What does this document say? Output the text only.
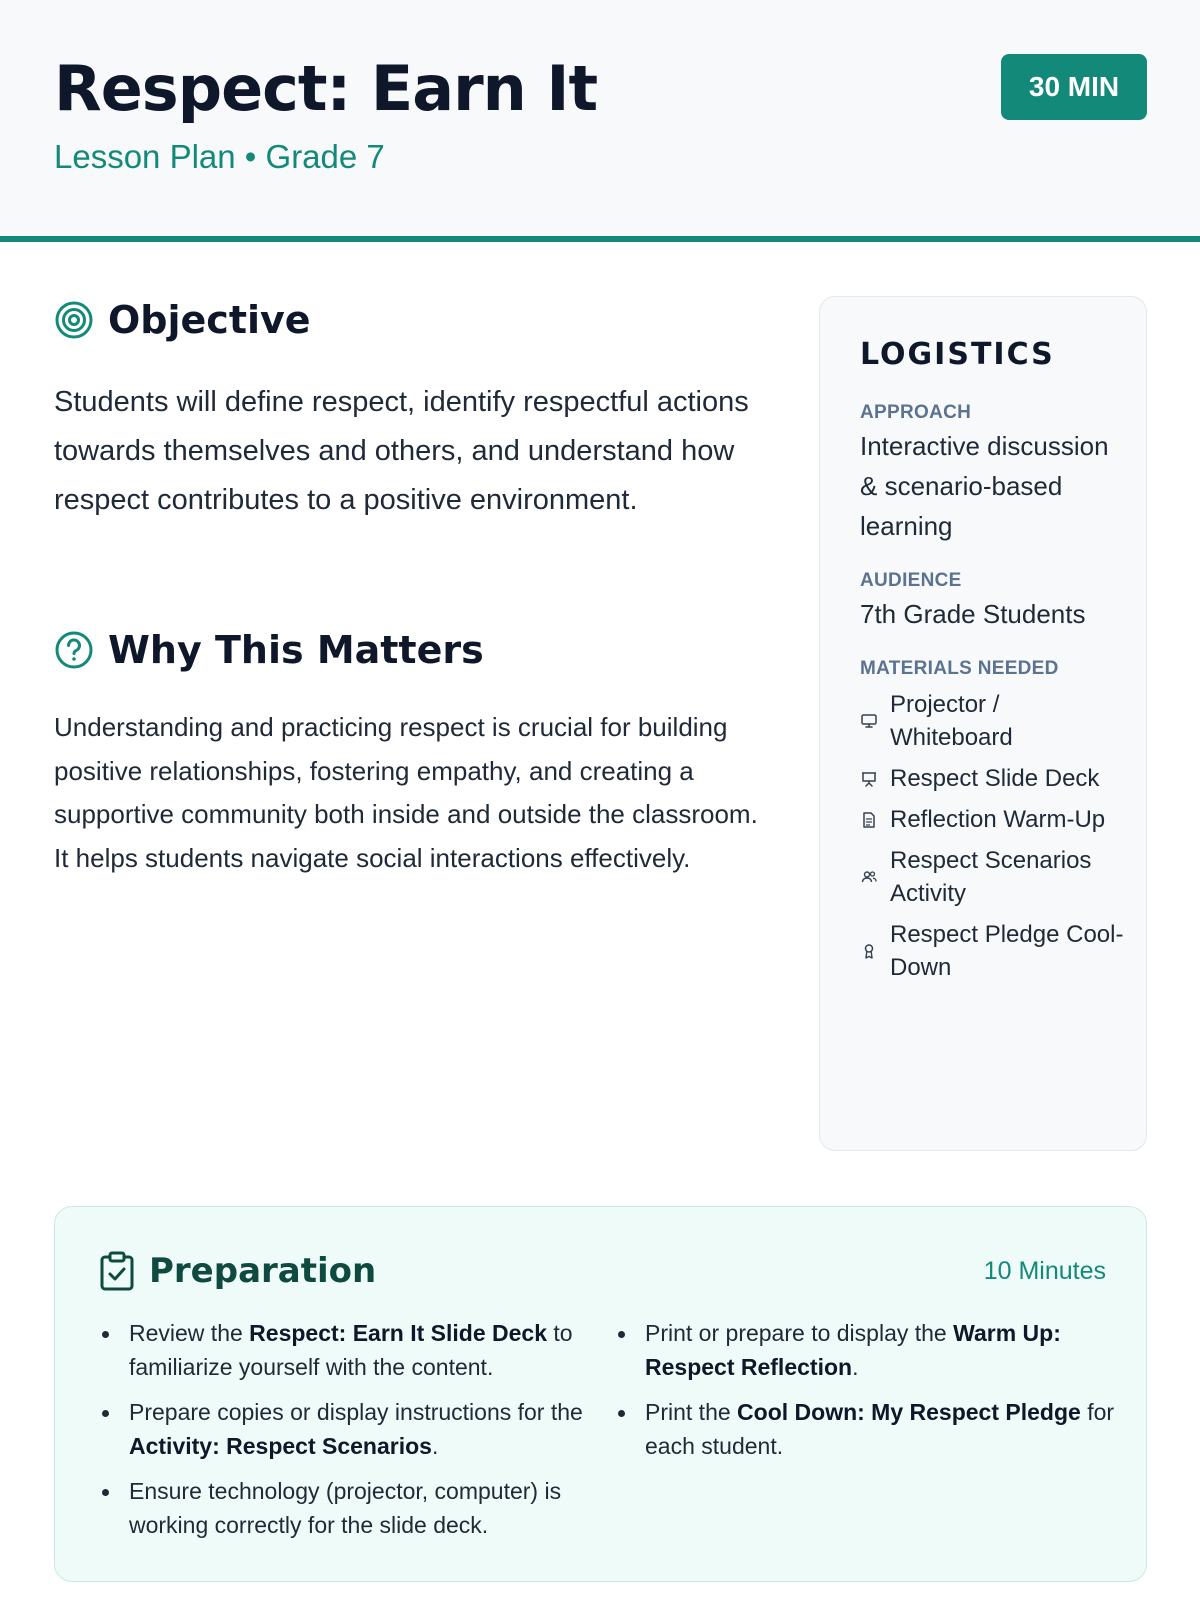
Respect: Earn It
Lesson Plan • Grade 7
30 MIN
Objective

Students will define respect, identify respectful actions towards themselves and others, and understand how respect contributes to a positive environment.

Why This Matters

Understanding and practicing respect is crucial for building positive relationships, fostering empathy, and creating a supportive community both inside and outside the classroom. It helps students navigate social interactions effectively.

LOGISTICS
APPROACH
Interactive discussion & scenario-based learning
AUDIENCE
7th Grade Students
MATERIALS NEEDED
Projector / Whiteboard
Respect Slide Deck
Reflection Warm-Up
Respect Scenarios Activity
Respect Pledge Cool-Down
Preparation	10 Minutes
Review the Respect: Earn It Slide Deck to familiarize yourself with the content.
Prepare copies or display instructions for the Activity: Respect Scenarios.
Ensure technology (projector, computer) is working correctly for the slide deck.
Print or prepare to display the Warm Up: Respect Reflection.
Print the Cool Down: My Respect Pledge for each student.
